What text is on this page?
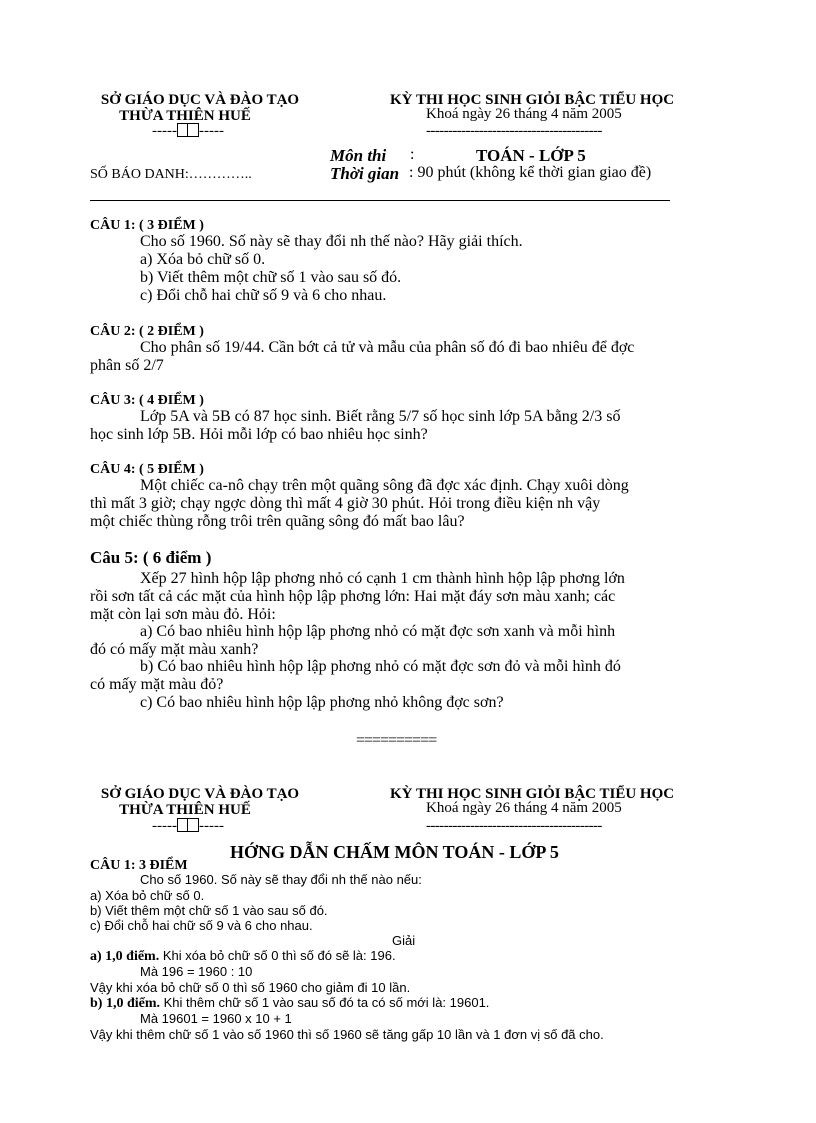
SỞ GIÁO DỤC VÀ ĐÀO TẠO
THỪA THIÊN HUẾ
----- -----
KỲ THI HỌC SINH GIỎI BẬC TIỂU HỌC
Khoá ngày 26 tháng 4 năm 2005
----------------------------------------
Môn thi :	TOÁN - LỚP 5
SỐ BÁO DANH:…………..	Thời gian : 90 phút (không kể thời gian giao đề)
CÂU 1: ( 3 ĐIỂM )
Cho số 1960. Số này sẽ thay đổi nh thế nào? Hãy giải thích.
a) Xóa bỏ chữ số 0.
b) Viết thêm một chữ số 1 vào sau số đó.
c) Đổi chỗ hai chữ số 9 và 6 cho nhau.
CÂU 2: ( 2 ĐIỂM )
Cho phân số 19/44. Cần bớt cả tử và mẫu của phân số đó đi bao nhiêu để đợc
phân số 2/7
CÂU 3: ( 4 ĐIỂM )
Lớp 5A và 5B có 87 học sinh. Biết rằng 5/7 số học sinh lớp 5A bằng 2/3 số
học sinh lớp 5B. Hỏi mỗi lớp có bao nhiêu học sinh?
CÂU 4: ( 5 ĐIỂM )
Một chiếc ca-nô chạy trên một quãng sông đã đợc xác định. Chạy xuôi dòng
thì mất 3 giờ; chạy ngợc dòng thì mất 4 giờ 30 phút. Hỏi trong điều kiện nh vậy
một chiếc thùng rỗng trôi trên quãng sông đó mất bao lâu?
Câu 5: ( 6 điểm )
Xếp 27 hình hộp lập phơng nhỏ có cạnh 1 cm thành hình hộp lập phơng lớn
rồi sơn tất cả các mặt của hình hộp lập phơng lớn: Hai mặt đáy sơn màu xanh; các
mặt còn lại sơn màu đỏ. Hỏi:
a) Có bao nhiêu hình hộp lập phơng nhỏ có mặt đợc sơn xanh và mỗi hình
đó có mấy mặt màu xanh?
b) Có bao nhiêu hình hộp lập phơng nhỏ có mặt đợc sơn đỏ và mỗi hình đó
có mấy mặt màu đỏ?
c) Có bao nhiêu hình hộp lập phơng nhỏ không đợc sơn?
==========
SỞ GIÁO DỤC VÀ ĐÀO TẠO
THỪA THIÊN HUẾ
----- -----
KỲ THI HỌC SINH GIỎI BẬC TIỂU HỌC
Khoá ngày 26 tháng 4 năm 2005
----------------------------------------
HỚNG DẪN CHẤM MÔN TOÁN - LỚP 5
CÂU 1: 3 ĐIỂM
Cho số 1960. Số này sẽ thay đổi nh thế nào nếu:
a) Xóa bỏ chữ số 0.
b) Viết thêm một chữ số 1 vào sau số đó.
c) Đổi chỗ hai chữ số 9 và 6 cho nhau.
Giải
a) 1,0 điểm. Khi xóa bỏ chữ số 0 thì số đó sẽ là: 196.
Mà 196 = 1960 : 10
Vậy khi xóa bỏ chữ số 0 thì số 1960 cho giảm đi 10 lần.
b) 1,0 điểm. Khi thêm chữ số 1 vào sau số đó ta có số mới là: 19601.
Mà 19601 = 1960 x 10 + 1
Vậy khi thêm chữ số 1 vào số 1960 thì số 1960 sẽ tăng gấp 10 lần và 1 đơn vị số đã cho.
